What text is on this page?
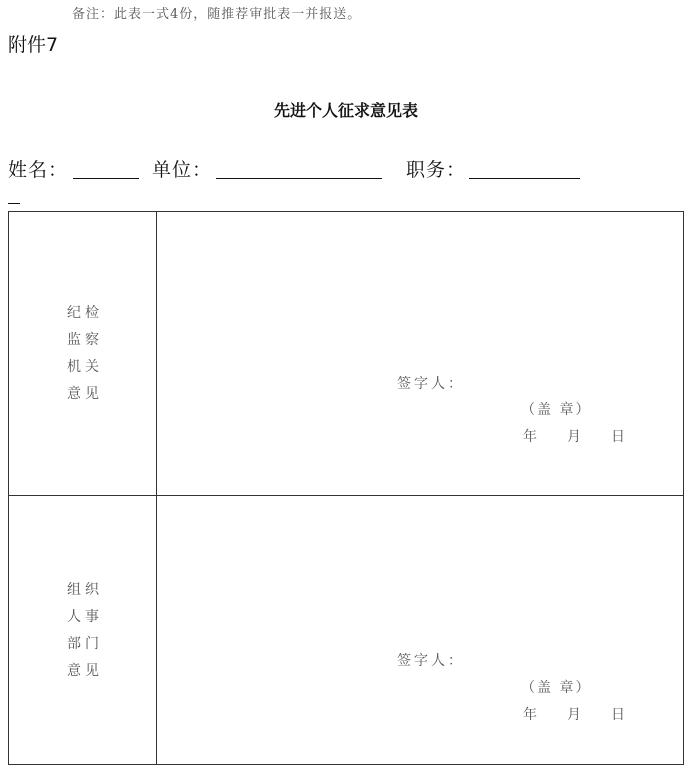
备注：此表一式4份，随推荐审批表一并报送。
附件7
先进个人征求意见表
姓名：	单位：	职务：
纪检
监察
机关
意见
签字人：
（盖 章）
年 月 日
组织
人事
部门
意见
签字人：
（盖 章）
年 月 日
